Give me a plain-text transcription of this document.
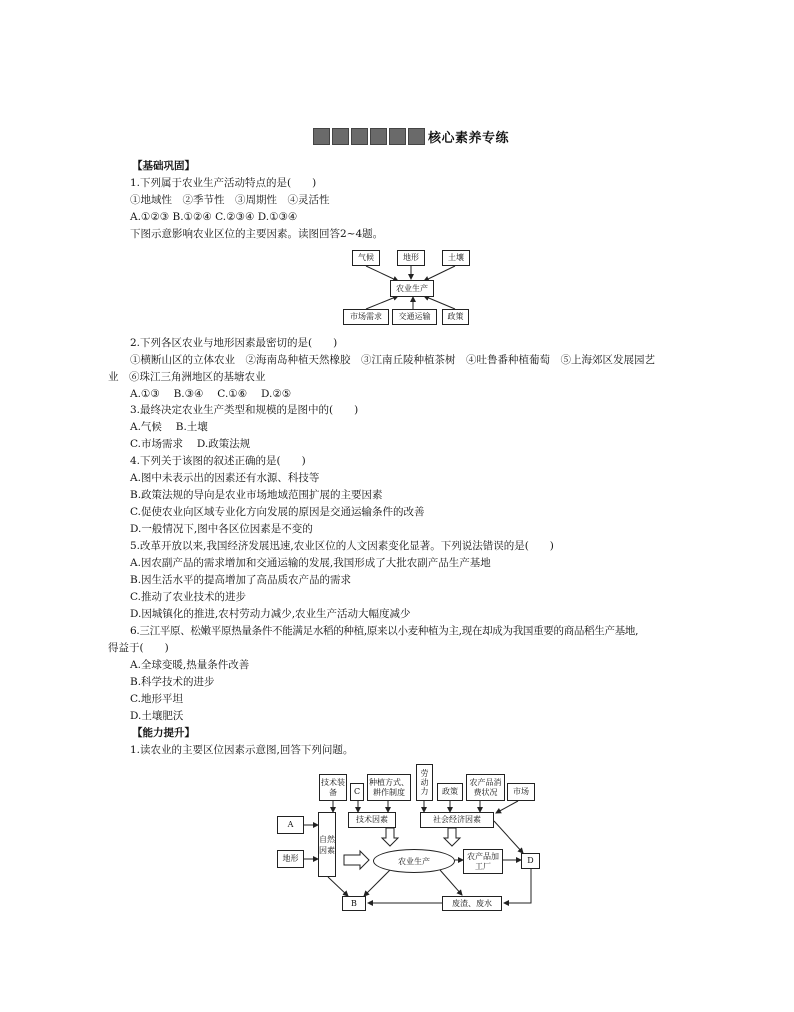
核心素养专练
【基础巩固】
1.下列属于农业生产活动特点的是(　　)
①地域性　②季节性　③周期性　④灵活性
A.①②③ B.①②④ C.②③④ D.①③④
下图示意影响农业区位的主要因素。读图回答2~4题。
气候	地形	土壤
农业生产
市场需求	交通运输	政策
2.下列各区农业与地形因素最密切的是(　　)
①横断山区的立体农业　②海南岛种植天然橡胶　③江南丘陵种植茶树　④吐鲁番种植葡萄　⑤上海郊区发展园艺
业　⑥珠江三角洲地区的基塘农业
A.①③　 B.③④　 C.①⑥　 D.②⑤
3.最终决定农业生产类型和规模的是图中的(　　)
A.气候　 B.土壤
C.市场需求　 D.政策法规
4.下列关于该图的叙述正确的是(　　)
A.图中未表示出的因素还有水源、科技等
B.政策法规的导向是农业市场地域范围扩展的主要因素
C.促使农业向区域专业化方向发展的原因是交通运输条件的改善
D.一般情况下,图中各区位因素是不变的
5.改革开放以来,我国经济发展迅速,农业区位的人文因素变化显著。下列说法错误的是(　　)
A.因农副产品的需求增加和交通运输的发展,我国形成了大批农副产品生产基地
B.因生活水平的提高增加了高品质农产品的需求
C.推动了农业技术的进步
D.因城镇化的推进,农村劳动力减少,农业生产活动大幅度减少
6.三江平原、松嫩平原热量条件不能满足水稻的种植,原来以小麦种植为主,现在却成为我国重要的商品稻生产基地,
得益于(　　)
A.全球变暖,热量条件改善
B.科学技术的进步
C.地形平坦
D.土壤肥沃
【能力提升】
1.读农业的主要区位因素示意图,回答下列问题。
技术装备	C
种植方式、耕作制度
劳动力	政策
农产品消费状况	市场
技术因素	社会经济因素
A
自然因素
地形	农业生产
农产品加工厂
D
B	废渣、废水
